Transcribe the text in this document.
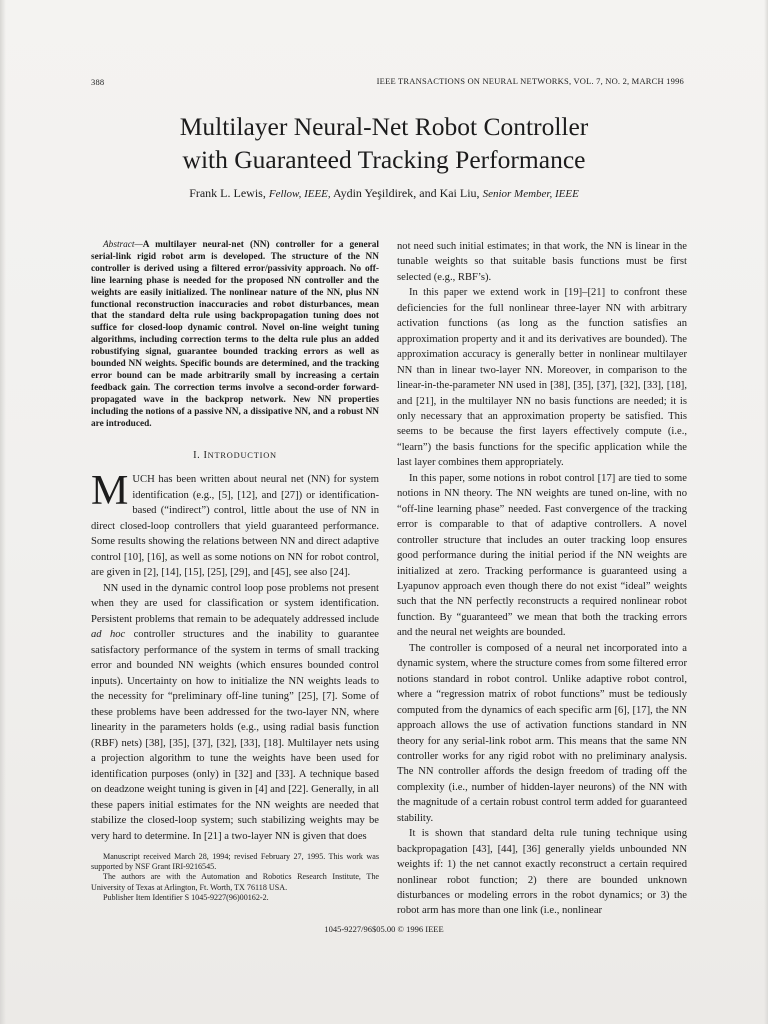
388	IEEE TRANSACTIONS ON NEURAL NETWORKS, VOL. 7, NO. 2, MARCH 1996
Multilayer Neural-Net Robot Controller
with Guaranteed Tracking Performance
Frank L. Lewis, Fellow, IEEE, Aydin Yeşildirek, and Kai Liu, Senior Member, IEEE

Abstract—A multilayer neural-net (NN) controller for a general serial-link rigid robot arm is developed. The structure of the NN controller is derived using a filtered error/passivity approach. No off-line learning phase is needed for the proposed NN controller and the weights are easily initialized. The nonlinear nature of the NN, plus NN functional reconstruction inaccuracies and robot disturbances, mean that the standard delta rule using backpropagation tuning does not suffice for closed-loop dynamic control. Novel on-line weight tuning algorithms, including correction terms to the delta rule plus an added robustifying signal, guarantee bounded tracking errors as well as bounded NN weights. Specific bounds are determined, and the tracking error bound can be made arbitrarily small by increasing a certain feedback gain. The correction terms involve a second-order forward-propagated wave in the backprop network. New NN properties including the notions of a passive NN, a dissipative NN, and a robust NN are introduced.

I. INTRODUCTION

MUCH has been written about neural net (NN) for system identification (e.g., [5], [12], and [27]) or identification-based (“indirect”) control, little about the use of NN in direct closed-loop controllers that yield guaranteed performance. Some results showing the relations between NN and direct adaptive control [10], [16], as well as some notions on NN for robot control, are given in [2], [14], [15], [25], [29], and [45], see also [24].

NN used in the dynamic control loop pose problems not present when they are used for classification or system identification. Persistent problems that remain to be adequately addressed include ad hoc controller structures and the inability to guarantee satisfactory performance of the system in terms of small tracking error and bounded NN weights (which ensures bounded control inputs). Uncertainty on how to initialize the NN weights leads to the necessity for “preliminary off-line tuning” [25], [7]. Some of these problems have been addressed for the two-layer NN, where linearity in the parameters holds (e.g., using radial basis function (RBF) nets) [38], [35], [37], [32], [33], [18]. Multilayer nets using a projection algorithm to tune the weights have been used for identification purposes (only) in [32] and [33]. A technique based on deadzone weight tuning is given in [4] and [22]. Generally, in all these papers initial estimates for the NN weights are needed that stabilize the closed-loop system; such stabilizing weights may be very hard to determine. In [21] a two-layer NN is given that does

Manuscript received March 28, 1994; revised February 27, 1995. This work was supported by NSF Grant IRI-9216545.

The authors are with the Automation and Robotics Research Institute, The University of Texas at Arlington, Ft. Worth, TX 76118 USA.

Publisher Item Identifier S 1045-9227(96)00162-2.

not need such initial estimates; in that work, the NN is linear in the tunable weights so that suitable basis functions must be first selected (e.g., RBF’s).

In this paper we extend work in [19]–[21] to confront these deficiencies for the full nonlinear three-layer NN with arbitrary activation functions (as long as the function satisfies an approximation property and it and its derivatives are bounded). The approximation accuracy is generally better in nonlinear multilayer NN than in linear two-layer NN. Moreover, in comparison to the linear-in-the-parameter NN used in [38], [35], [37], [32], [33], [18], and [21], in the multilayer NN no basis functions are needed; it is only necessary that an approximation property be satisfied. This seems to be because the first layers effectively compute (i.e., “learn”) the basis functions for the specific application while the last layer combines them appropriately.

In this paper, some notions in robot control [17] are tied to some notions in NN theory. The NN weights are tuned on-line, with no “off-line learning phase” needed. Fast convergence of the tracking error is comparable to that of adaptive controllers. A novel controller structure that includes an outer tracking loop ensures good performance during the initial period if the NN weights are initialized at zero. Tracking performance is guaranteed using a Lyapunov approach even though there do not exist “ideal” weights such that the NN perfectly reconstructs a required nonlinear robot function. By “guaranteed” we mean that both the tracking errors and the neural net weights are bounded.

The controller is composed of a neural net incorporated into a dynamic system, where the structure comes from some filtered error notions standard in robot control. Unlike adaptive robot control, where a “regression matrix of robot functions” must be tediously computed from the dynamics of each specific arm [6], [17], the NN approach allows the use of activation functions standard in NN theory for any serial-link robot arm. This means that the same NN controller works for any rigid robot with no preliminary analysis. The NN controller affords the design freedom of trading off the complexity (i.e., number of hidden-layer neurons) of the NN with the magnitude of a certain robust control term added for guaranteed stability.

It is shown that standard delta rule tuning technique using backpropagation [43], [44], [36] generally yields unbounded NN weights if: 1) the net cannot exactly reconstruct a certain required nonlinear robot function; 2) there are bounded unknown disturbances or modeling errors in the robot dynamics; or 3) the robot arm has more than one link (i.e., nonlinear

1045-9227/96$05.00 © 1996 IEEE
